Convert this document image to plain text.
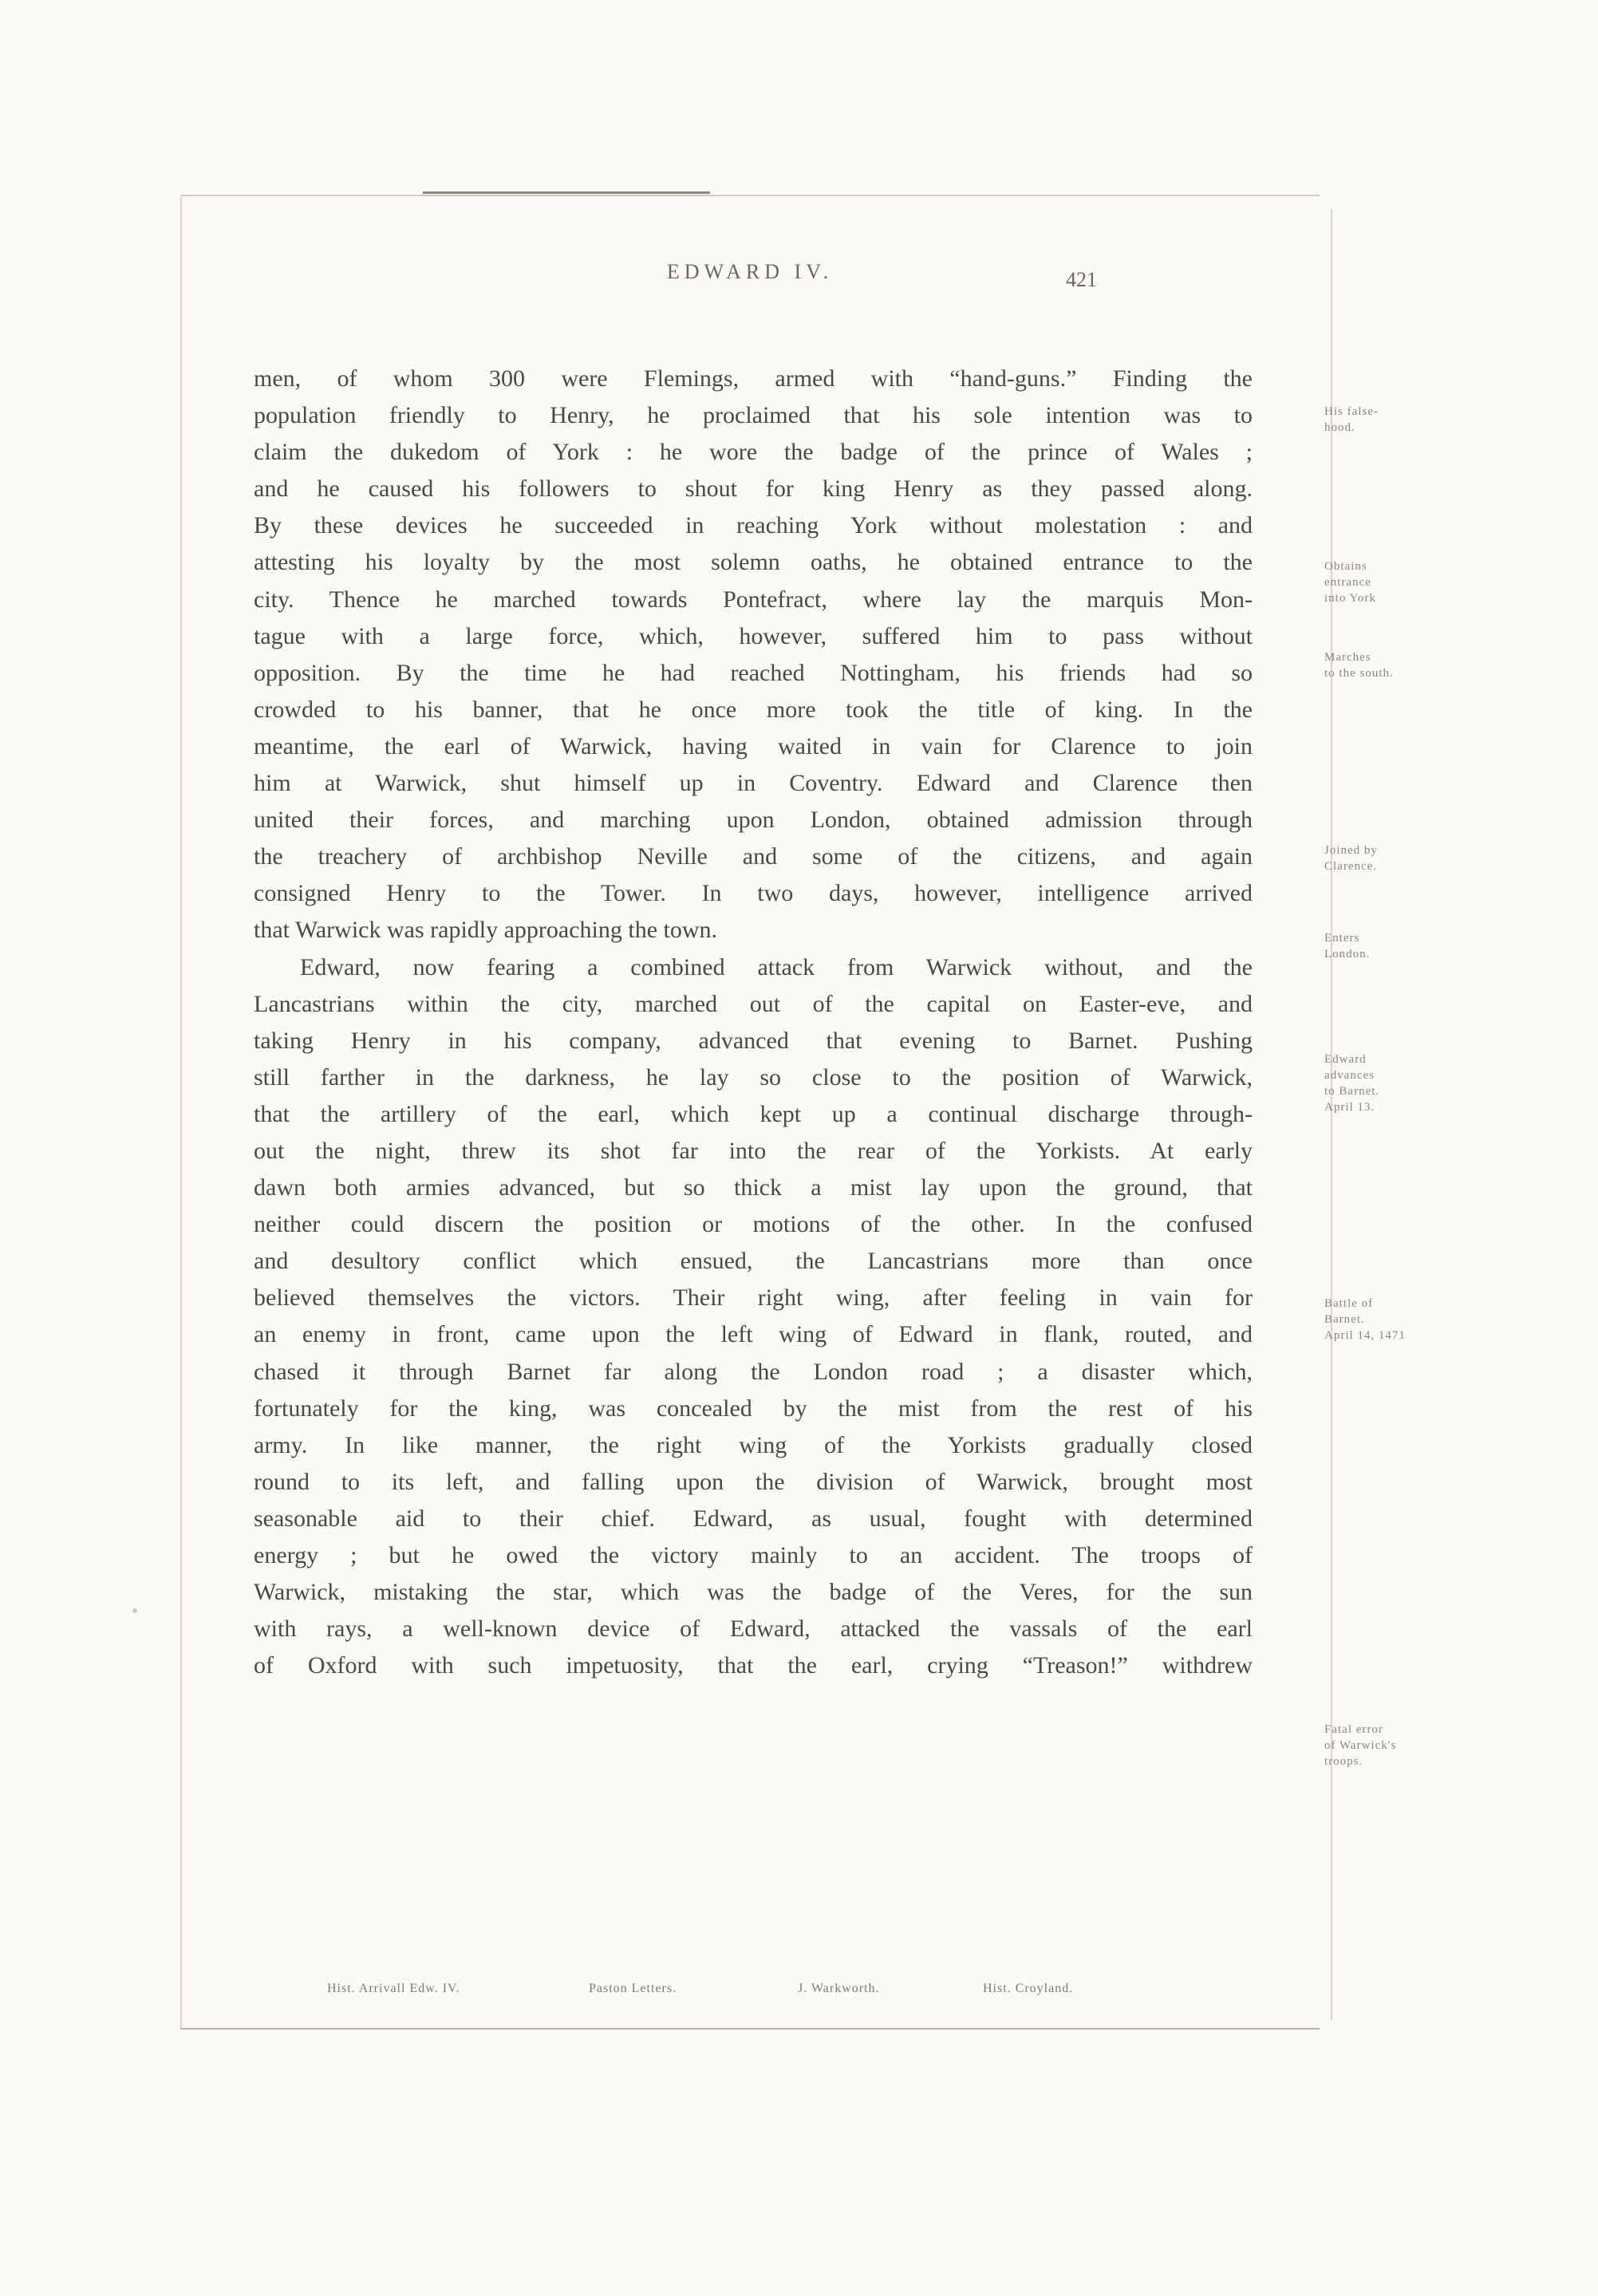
EDWARD IV.	421
men, of whom 300 were Flemings, armed with “hand-guns.” Finding the
population friendly to Henry, he proclaimed that his sole intention was to
claim the dukedom of York : he wore the badge of the prince of Wales ;
and he caused his followers to shout for king Henry as they passed along.
By these devices he succeeded in reaching York without molestation : and
attesting his loyalty by the most solemn oaths, he obtained entrance to the
city. Thence he marched towards Pontefract, where lay the marquis Mon-
tague with a large force, which, however, suffered him to pass without
opposition. By the time he had reached Nottingham, his friends had so
crowded to his banner, that he once more took the title of king. In the
meantime, the earl of Warwick, having waited in vain for Clarence to join
him at Warwick, shut himself up in Coventry. Edward and Clarence then
united their forces, and marching upon London, obtained admission through
the treachery of archbishop Neville and some of the citizens, and again
consigned Henry to the Tower. In two days, however, intelligence arrived
that Warwick was rapidly approaching the town.
Edward, now fearing a combined attack from Warwick without, and the
Lancastrians within the city, marched out of the capital on Easter-eve, and
taking Henry in his company, advanced that evening to Barnet. Pushing
still farther in the darkness, he lay so close to the position of Warwick,
that the artillery of the earl, which kept up a continual discharge through-
out the night, threw its shot far into the rear of the Yorkists. At early
dawn both armies advanced, but so thick a mist lay upon the ground, that
neither could discern the position or motions of the other. In the confused
and desultory conflict which ensued, the Lancastrians more than once
believed themselves the victors. Their right wing, after feeling in vain for
an enemy in front, came upon the left wing of Edward in flank, routed, and
chased it through Barnet far along the London road ; a disaster which,
fortunately for the king, was concealed by the mist from the rest of his
army. In like manner, the right wing of the Yorkists gradually closed
round to its left, and falling upon the division of Warwick, brought most
seasonable aid to their chief. Edward, as usual, fought with determined
energy ; but he owed the victory mainly to an accident. The troops of
Warwick, mistaking the star, which was the badge of the Veres, for the sun
with rays, a well-known device of Edward, attacked the vassals of the earl
of Oxford with such impetuosity, that the earl, crying “Treason!” withdrew
His false-
hood.
Obtains
entrance
into York
Marches
to the south.
Joined by
Clarence.
Enters
London.
Edward
advances
to Barnet.
April 13.
Battle of
Barnet.
April 14, 1471
Fatal error
of Warwick's
troops.
Hist. Arrivall Edw. IV.	Paston Letters.	J. Warkworth.	Hist. Croyland.
